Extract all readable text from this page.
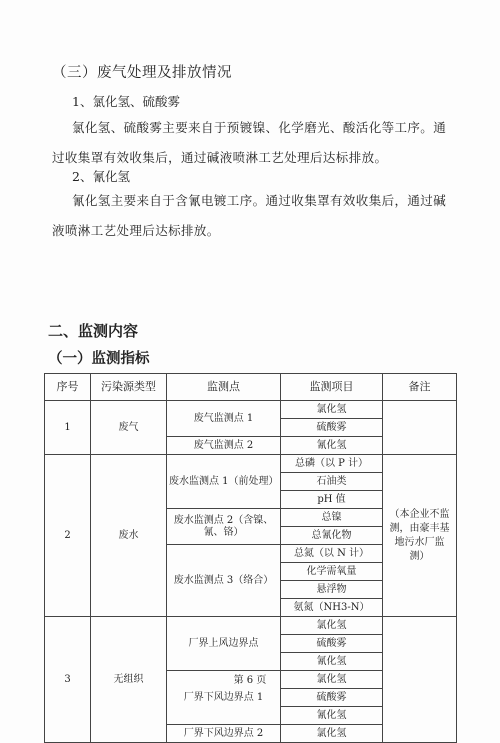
（三）废气处理及排放情况
1、氯化氢、硫酸雾
氯化氢、硫酸雾主要来自于预镀镍、化学磨光、酸活化等工序。通过收集罩有效收集后，通过碱液喷淋工艺处理后达标排放。
2、氰化氢
氰化氢主要来自于含氰电镀工序。通过收集罩有效收集后，通过碱液喷淋工艺处理后达标排放。
二、监测内容
（一）监测指标
序号	污染源类型	监测点	监测项目	备注
1	废气	废气监测点 1	氯化氢	
			硫酸雾	
		废气监测点 2	氰化氢	
2	废水	废水监测点 1（前处理）	总磷（以 P 计）	（本企业不监测，由豪丰基地污水厂监测）
			石油类	
			pH 值	
		废水监测点 2（含镍、氰、铬）	总镍	
			总氰化物	
		废水监测点 3（络合）	总氮（以 N 计）	
			化学需氧量	
			悬浮物	
			氨氮（NH3-N）	
3	无组织	厂界上风边界点	氯化氢	
			硫酸雾	
			氰化氢	
		厂界下风边界点 1	氯化氢	
			硫酸雾	
			氰化氢	
		厂界下风边界点 2	氯化氢	
第 6 页
